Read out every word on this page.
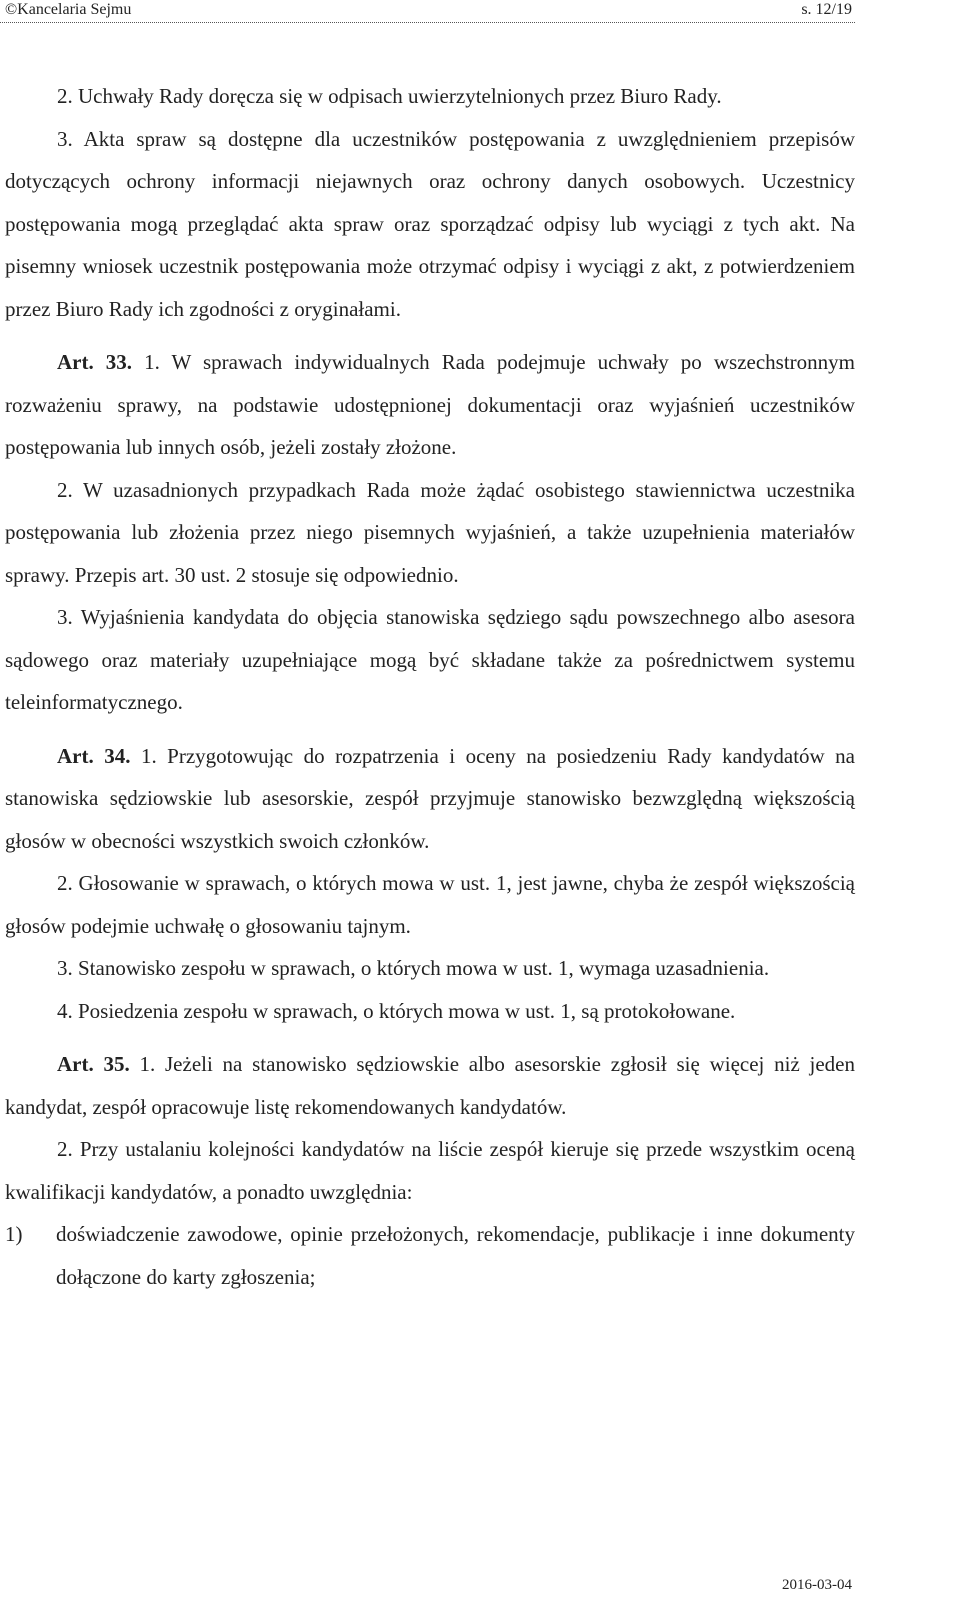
©Kancelaria Sejmu	s. 12/19

2. Uchwały Rady doręcza się w odpisach uwierzytelnionych przez Biuro Rady.

3. Akta spraw są dostępne dla uczestników postępowania z uwzględnieniem przepisów dotyczących ochrony informacji niejawnych oraz ochrony danych osobowych. Uczestnicy postępowania mogą przeglądać akta spraw oraz sporządzać odpisy lub wyciągi z tych akt. Na pisemny wniosek uczestnik postępowania może otrzymać odpisy i wyciągi z akt, z potwierdzeniem przez Biuro Rady ich zgodności z oryginałami.

Art. 33. 1. W sprawach indywidualnych Rada podejmuje uchwały po wszechstronnym rozważeniu sprawy, na podstawie udostępnionej dokumentacji oraz wyjaśnień uczestników postępowania lub innych osób, jeżeli zostały złożone.

2. W uzasadnionych przypadkach Rada może żądać osobistego stawiennictwa uczestnika postępowania lub złożenia przez niego pisemnych wyjaśnień, a także uzupełnienia materiałów sprawy. Przepis art. 30 ust. 2 stosuje się odpowiednio.

3. Wyjaśnienia kandydata do objęcia stanowiska sędziego sądu powszechnego albo asesora sądowego oraz materiały uzupełniające mogą być składane także za pośrednictwem systemu teleinformatycznego.

Art. 34. 1. Przygotowując do rozpatrzenia i oceny na posiedzeniu Rady kandydatów na stanowiska sędziowskie lub asesorskie, zespół przyjmuje stanowisko bezwzględną większością głosów w obecności wszystkich swoich członków.

2. Głosowanie w sprawach, o których mowa w ust. 1, jest jawne, chyba że zespół większością głosów podejmie uchwałę o głosowaniu tajnym.

3. Stanowisko zespołu w sprawach, o których mowa w ust. 1, wymaga uzasadnienia.

4. Posiedzenia zespołu w sprawach, o których mowa w ust. 1, są protokołowane.

Art. 35. 1. Jeżeli na stanowisko sędziowskie albo asesorskie zgłosił się więcej niż jeden kandydat, zespół opracowuje listę rekomendowanych kandydatów.

2. Przy ustalaniu kolejności kandydatów na liście zespół kieruje się przede wszystkim oceną kwalifikacji kandydatów, a ponadto uwzględnia:

1)	doświadczenie zawodowe, opinie przełożonych, rekomendacje, publikacje i inne dokumenty dołączone do karty zgłoszenia;
2016-03-04
